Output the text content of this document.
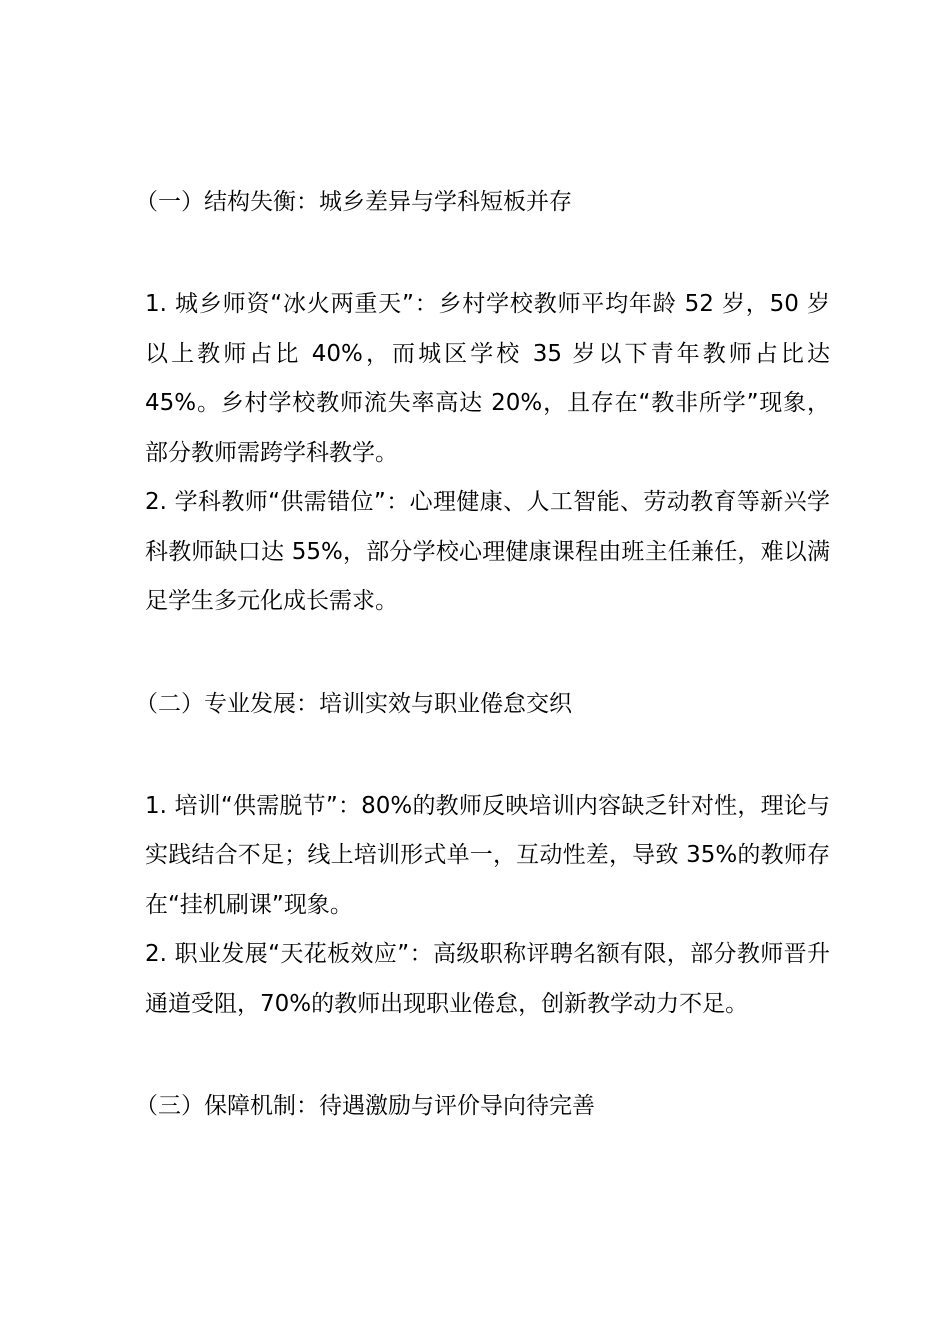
（一）结构失衡：城乡差异与学科短板并存

1. 城乡师资“冰火两重天”：乡村学校教师平均年龄 52 岁，50 岁以上教师占比 40%，而城区学校 35 岁以下青年教师占比达 45%。乡村学校教师流失率高达 20%，且存在“教非所学”现象，部分教师需跨学科教学。

2. 学科教师“供需错位”：心理健康、人工智能、劳动教育等新兴学科教师缺口达 55%，部分学校心理健康课程由班主任兼任，难以满足学生多元化成长需求。

（二）专业发展：培训实效与职业倦怠交织

1. 培训“供需脱节”：80%的教师反映培训内容缺乏针对性，理论与实践结合不足；线上培训形式单一，互动性差，导致 35%的教师存在“挂机刷课”现象。

2. 职业发展“天花板效应”：高级职称评聘名额有限，部分教师晋升通道受阻，70%的教师出现职业倦怠，创新教学动力不足。

（三）保障机制：待遇激励与评价导向待完善
